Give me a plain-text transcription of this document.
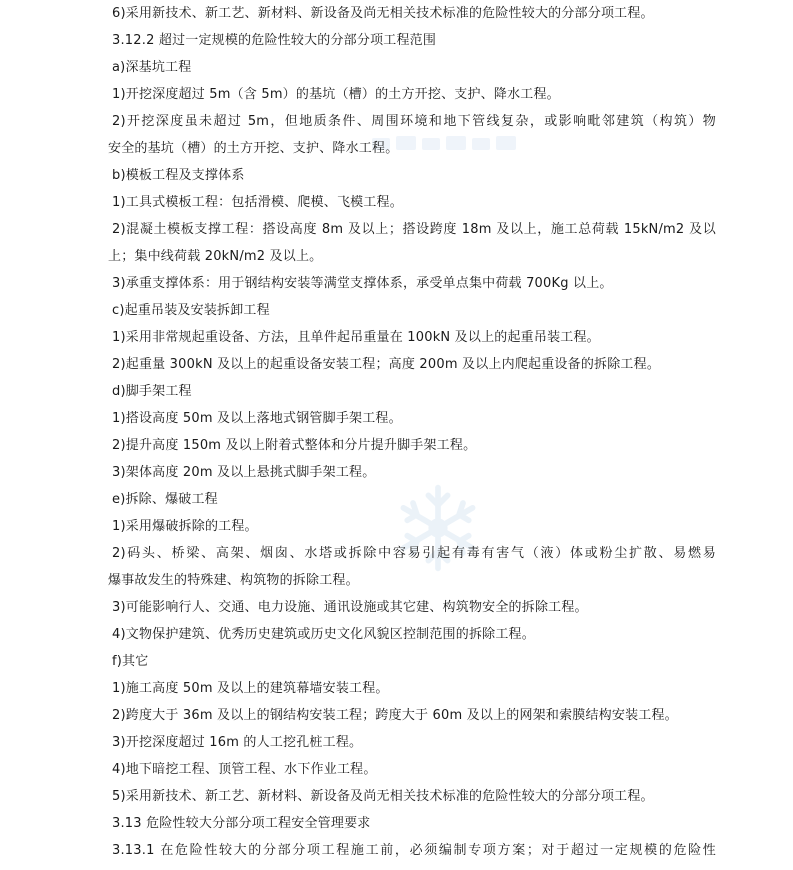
6)采用新技术、新工艺、新材料、新设备及尚无相关技术标准的危险性较大的分部分项工程。
3.12.2 超过一定规模的危险性较大的分部分项工程范围
a)深基坑工程
1)开挖深度超过 5m（含 5m）的基坑（槽）的土方开挖、支护、降水工程。
2)开挖深度虽未超过 5m，但地质条件、周围环境和地下管线复杂，或影响毗邻建筑（构筑）物
安全的基坑（槽）的土方开挖、支护、降水工程。
b)模板工程及支撑体系
1)工具式模板工程：包括滑模、爬模、飞模工程。
2)混凝土模板支撑工程：搭设高度 8m 及以上；搭设跨度 18m 及以上，施工总荷载 15kN/m2 及以
上；集中线荷载 20kN/m2 及以上。
3)承重支撑体系：用于钢结构安装等满堂支撑体系，承受单点集中荷载 700Kg 以上。
c)起重吊装及安装拆卸工程
1)采用非常规起重设备、方法，且单件起吊重量在 100kN 及以上的起重吊装工程。
2)起重量 300kN 及以上的起重设备安装工程；高度 200m 及以上内爬起重设备的拆除工程。
d)脚手架工程
1)搭设高度 50m 及以上落地式钢管脚手架工程。
2)提升高度 150m 及以上附着式整体和分片提升脚手架工程。
3)架体高度 20m 及以上悬挑式脚手架工程。
e)拆除、爆破工程
1)采用爆破拆除的工程。
2)码头、桥梁、高架、烟囱、水塔或拆除中容易引起有毒有害气（液）体或粉尘扩散、易燃易
爆事故发生的特殊建、构筑物的拆除工程。
3)可能影响行人、交通、电力设施、通讯设施或其它建、构筑物安全的拆除工程。
4)文物保护建筑、优秀历史建筑或历史文化风貌区控制范围的拆除工程。
f)其它
1)施工高度 50m 及以上的建筑幕墙安装工程。
2)跨度大于 36m 及以上的钢结构安装工程；跨度大于 60m 及以上的网架和索膜结构安装工程。
3)开挖深度超过 16m 的人工挖孔桩工程。
4)地下暗挖工程、顶管工程、水下作业工程。
5)采用新技术、新工艺、新材料、新设备及尚无相关技术标准的危险性较大的分部分项工程。
3.13 危险性较大分部分项工程安全管理要求
3.13.1 在危险性较大的分部分项工程施工前，必须编制专项方案；对于超过一定规模的危险性
